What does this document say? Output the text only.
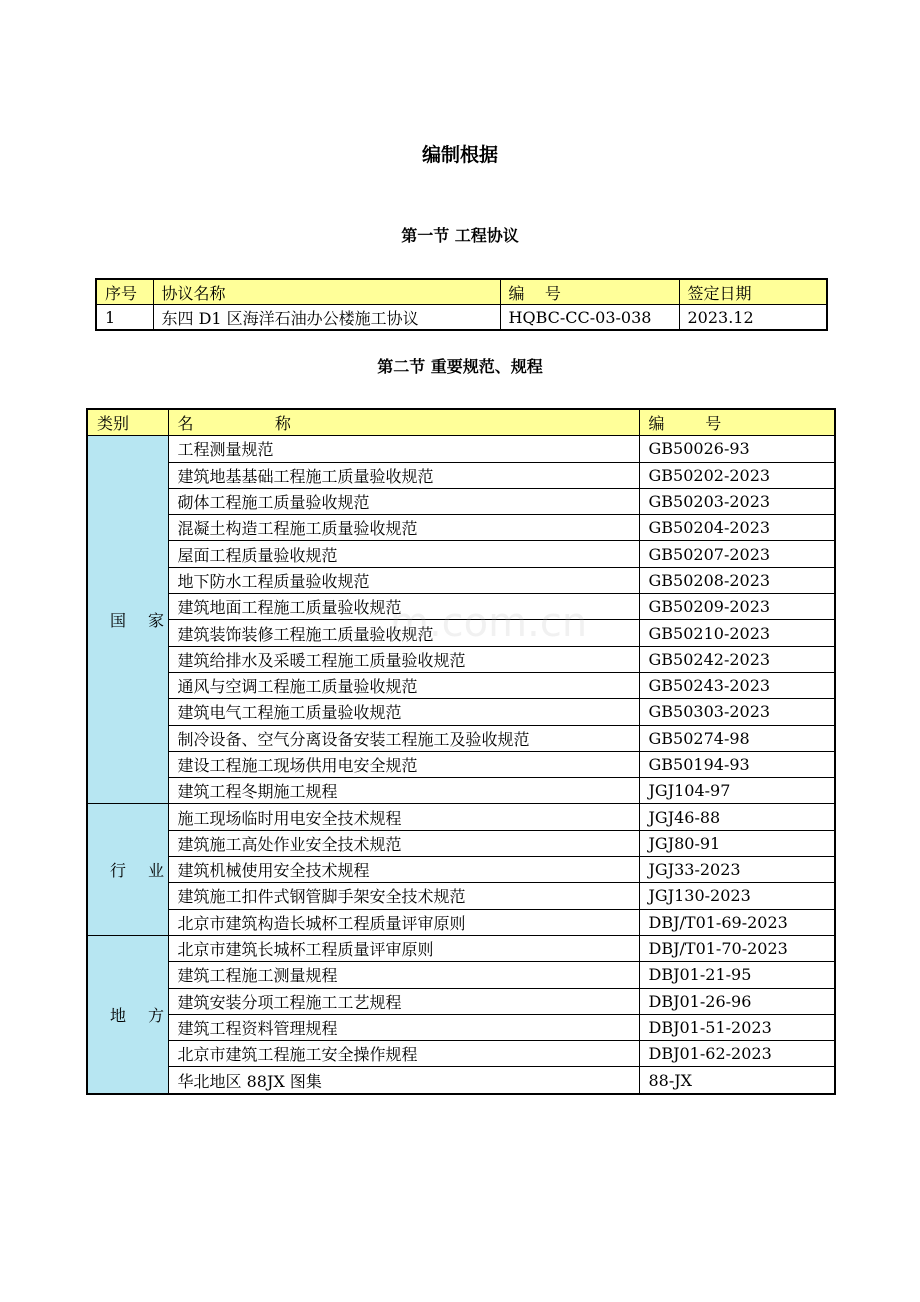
编制根据
第一节 工程协议
序号	协议名称	编    号	签定日期
1	东四 D1 区海洋石油办公楼施工协议	HQBC-CC-03-038	2023.12
第二节 重要规范、规程
类别	名                称	编        号
国家	工程测量规范	GB50026-93
	建筑地基基础工程施工质量验收规范	GB50202-2023
	砌体工程施工质量验收规范	GB50203-2023
	混凝土构造工程施工质量验收规范	GB50204-2023
	屋面工程质量验收规范	GB50207-2023
	地下防水工程质量验收规范	GB50208-2023
	建筑地面工程施工质量验收规范	GB50209-2023
	建筑装饰装修工程施工质量验收规范	GB50210-2023
	建筑给排水及采暖工程施工质量验收规范	GB50242-2023
	通风与空调工程施工质量验收规范	GB50243-2023
	建筑电气工程施工质量验收规范	GB50303-2023
	制冷设备、空气分离设备安装工程施工及验收规范	GB50274-98
	建设工程施工现场供用电安全规范	GB50194-93
	建筑工程冬期施工规程	JGJ104-97
行业	施工现场临时用电安全技术规程	JGJ46-88
	建筑施工高处作业安全技术规范	JGJ80-91
	建筑机械使用安全技术规程	JGJ33-2023
	建筑施工扣件式钢管脚手架安全技术规范	JGJ130-2023
	北京市建筑构造长城杯工程质量评审原则	DBJ/T01-69-2023
地方	北京市建筑长城杯工程质量评审原则	DBJ/T01-70-2023
	建筑工程施工测量规程	DBJ01-21-95
	建筑安装分项工程施工工艺规程	DBJ01-26-96
	建筑工程资料管理规程	DBJ01-51-2023
	北京市建筑工程施工安全操作规程	DBJ01-62-2023
	华北地区 88JX 图集	88-JX
m.com.cn
